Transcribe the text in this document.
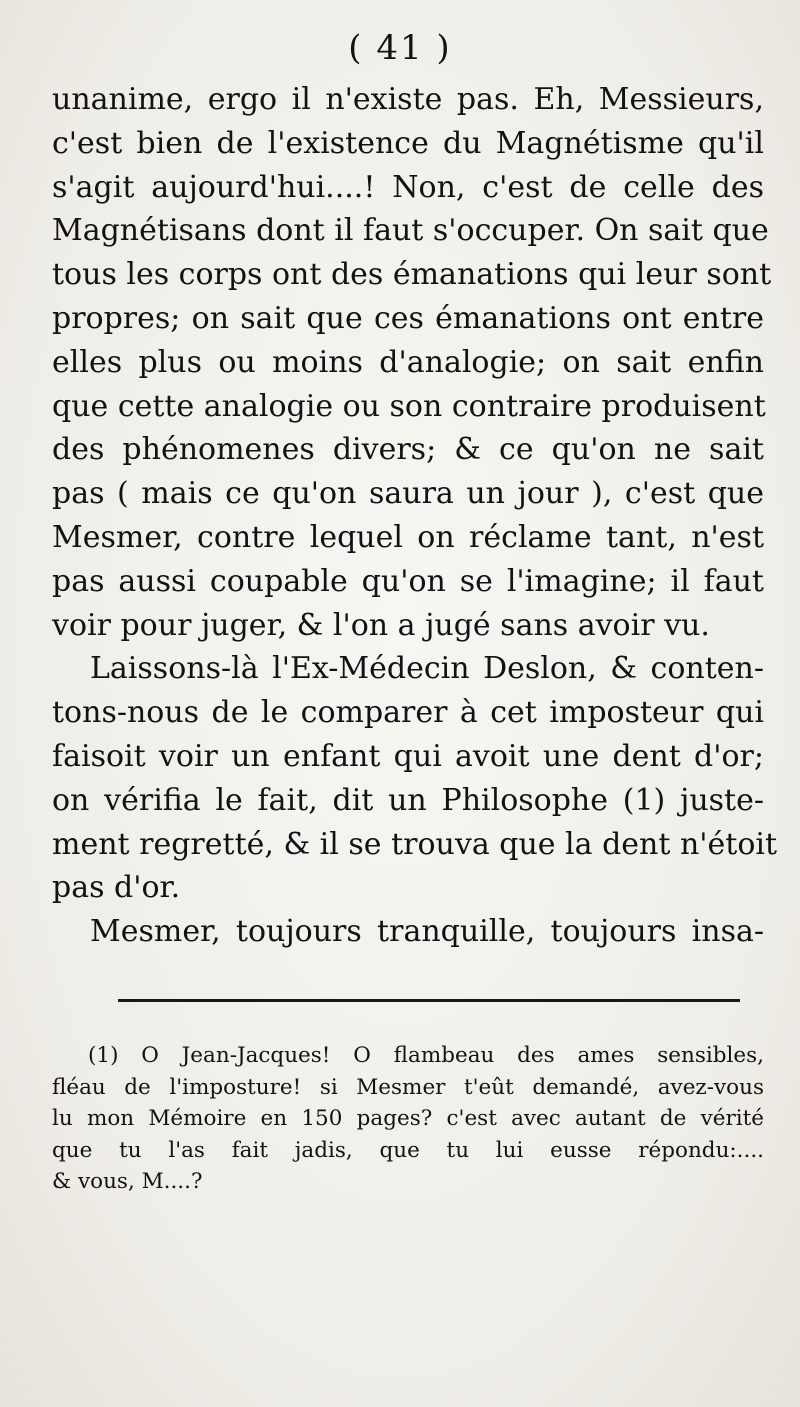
( 41 )
unanime, ergo il n'existe pas. Eh, Messieurs,
c'est bien de l'existence du Magnétisme qu'il
s'agit aujourd'hui....! Non, c'est de celle des
Magnétisans dont il faut s'occuper. On sait que
tous les corps ont des émanations qui leur sont
propres; on sait que ces émanations ont entre
elles plus ou moins d'analogie; on sait enfin
que cette analogie ou son contraire produisent
des phénomenes divers; & ce qu'on ne sait
pas ( mais ce qu'on saura un jour ), c'est que
Mesmer, contre lequel on réclame tant, n'est
pas aussi coupable qu'on se l'imagine; il faut
voir pour juger, & l'on a jugé sans avoir vu.
Laissons-là l'Ex-Médecin Deslon, & conten-
tons-nous de le comparer à cet imposteur qui
faisoit voir un enfant qui avoit une dent d'or;
on vérifia le fait, dit un Philosophe (1) juste-
ment regretté, & il se trouva que la dent n'étoit
pas d'or.
Mesmer, toujours tranquille, toujours insa-
(1) O Jean-Jacques! O flambeau des ames sensibles,
fléau de l'imposture! si Mesmer t'eût demandé, avez-vous
lu mon Mémoire en 150 pages? c'est avec autant de vérité
que tu l'as fait jadis, que tu lui eusse répondu:....
& vous, M....?
